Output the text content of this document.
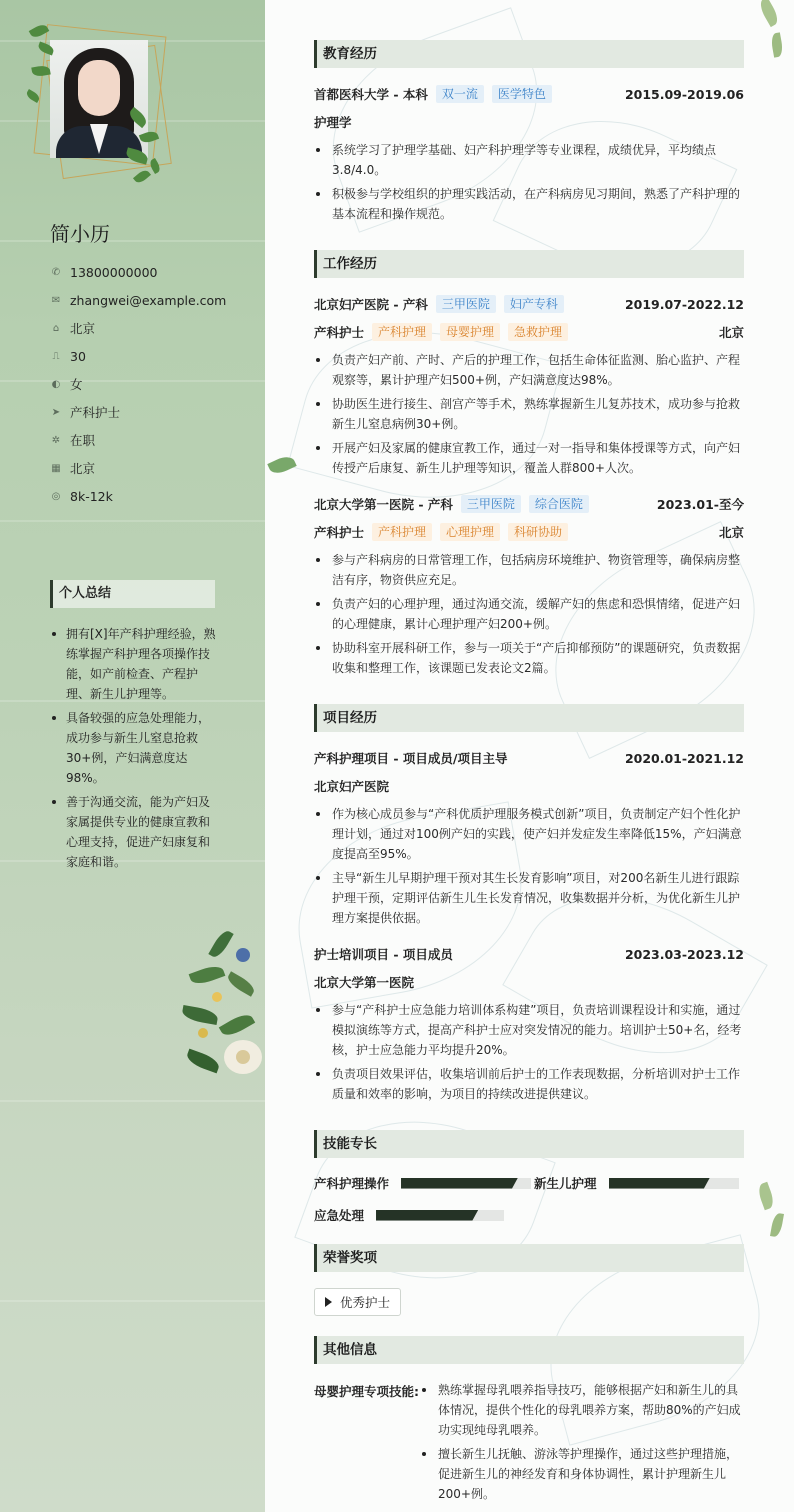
简小历
✆ 13800000000
✉ zhangwei@example.com
⌂ 北京
⎍ 30
◐ 女
➤ 产科护士
✲ 在职
▦ 北京
◎ 8k-12k
个人总结
拥有[X]年产科护理经验，熟练掌握产科护理各项操作技能，如产前检查、产程护理、新生儿护理等。
具备较强的应急处理能力，成功参与新生儿窒息抢救30+例，产妇满意度达98%。
善于沟通交流，能为产妇及家属提供专业的健康宣教和心理支持，促进产妇康复和家庭和谐。
教育经历
首都医科大学 - 本科	双一流	医学特色	2015.09-2019.06
护理学
系统学习了护理学基础、妇产科护理学等专业课程，成绩优异，平均绩点3.8/4.0。
积极参与学校组织的护理实践活动，在产科病房见习期间，熟悉了产科护理的基本流程和操作规范。
工作经历
北京妇产医院 - 产科	三甲医院	妇产专科	2019.07-2022.12
产科护士	产科护理	母婴护理	急救护理	北京
负责产妇产前、产时、产后的护理工作，包括生命体征监测、胎心监护、产程观察等，累计护理产妇500+例，产妇满意度达98%。
协助医生进行接生、剖宫产等手术，熟练掌握新生儿复苏技术，成功参与抢救新生儿窒息病例30+例。
开展产妇及家属的健康宣教工作，通过一对一指导和集体授课等方式，向产妇传授产后康复、新生儿护理等知识，覆盖人群800+人次。
北京大学第一医院 - 产科	三甲医院	综合医院	2023.01-至今
产科护士	产科护理	心理护理	科研协助	北京
参与产科病房的日常管理工作，包括病房环境维护、物资管理等，确保病房整洁有序，物资供应充足。
负责产妇的心理护理，通过沟通交流，缓解产妇的焦虑和恐惧情绪，促进产妇的心理健康，累计心理护理产妇200+例。
协助科室开展科研工作，参与一项关于“产后抑郁预防”的课题研究，负责数据收集和整理工作，该课题已发表论文2篇。
项目经历
产科护理项目 - 项目成员/项目主导	2020.01-2021.12
北京妇产医院
作为核心成员参与“产科优质护理服务模式创新”项目，负责制定产妇个性化护理计划，通过对100例产妇的实践，使产妇并发症发生率降低15%，产妇满意度提高至95%。
主导“新生儿早期护理干预对其生长发育影响”项目，对200名新生儿进行跟踪护理干预，定期评估新生儿生长发育情况，收集数据并分析，为优化新生儿护理方案提供依据。
护士培训项目 - 项目成员	2023.03-2023.12
北京大学第一医院
参与“产科护士应急能力培训体系构建”项目，负责培训课程设计和实施，通过模拟演练等方式，提高产科护士应对突发情况的能力。培训护士50+名，经考核，护士应急能力平均提升20%。
负责项目效果评估，收集培训前后护士的工作表现数据，分析培训对护士工作质量和效率的影响，为项目的持续改进提供建议。
技能专长
产科护理操作	新生儿护理
应急处理
荣誉奖项
优秀护士
其他信息
母婴护理专项技能:	熟练掌握母乳喂养指导技巧，能够根据产妇和新生儿的具体情况，提供个性化的母乳喂养方案，帮助80%的产妇成功实现纯母乳喂养。
擅长新生儿抚触、游泳等护理操作，通过这些护理措施，促进新生儿的神经发育和身体协调性，累计护理新生儿200+例。
